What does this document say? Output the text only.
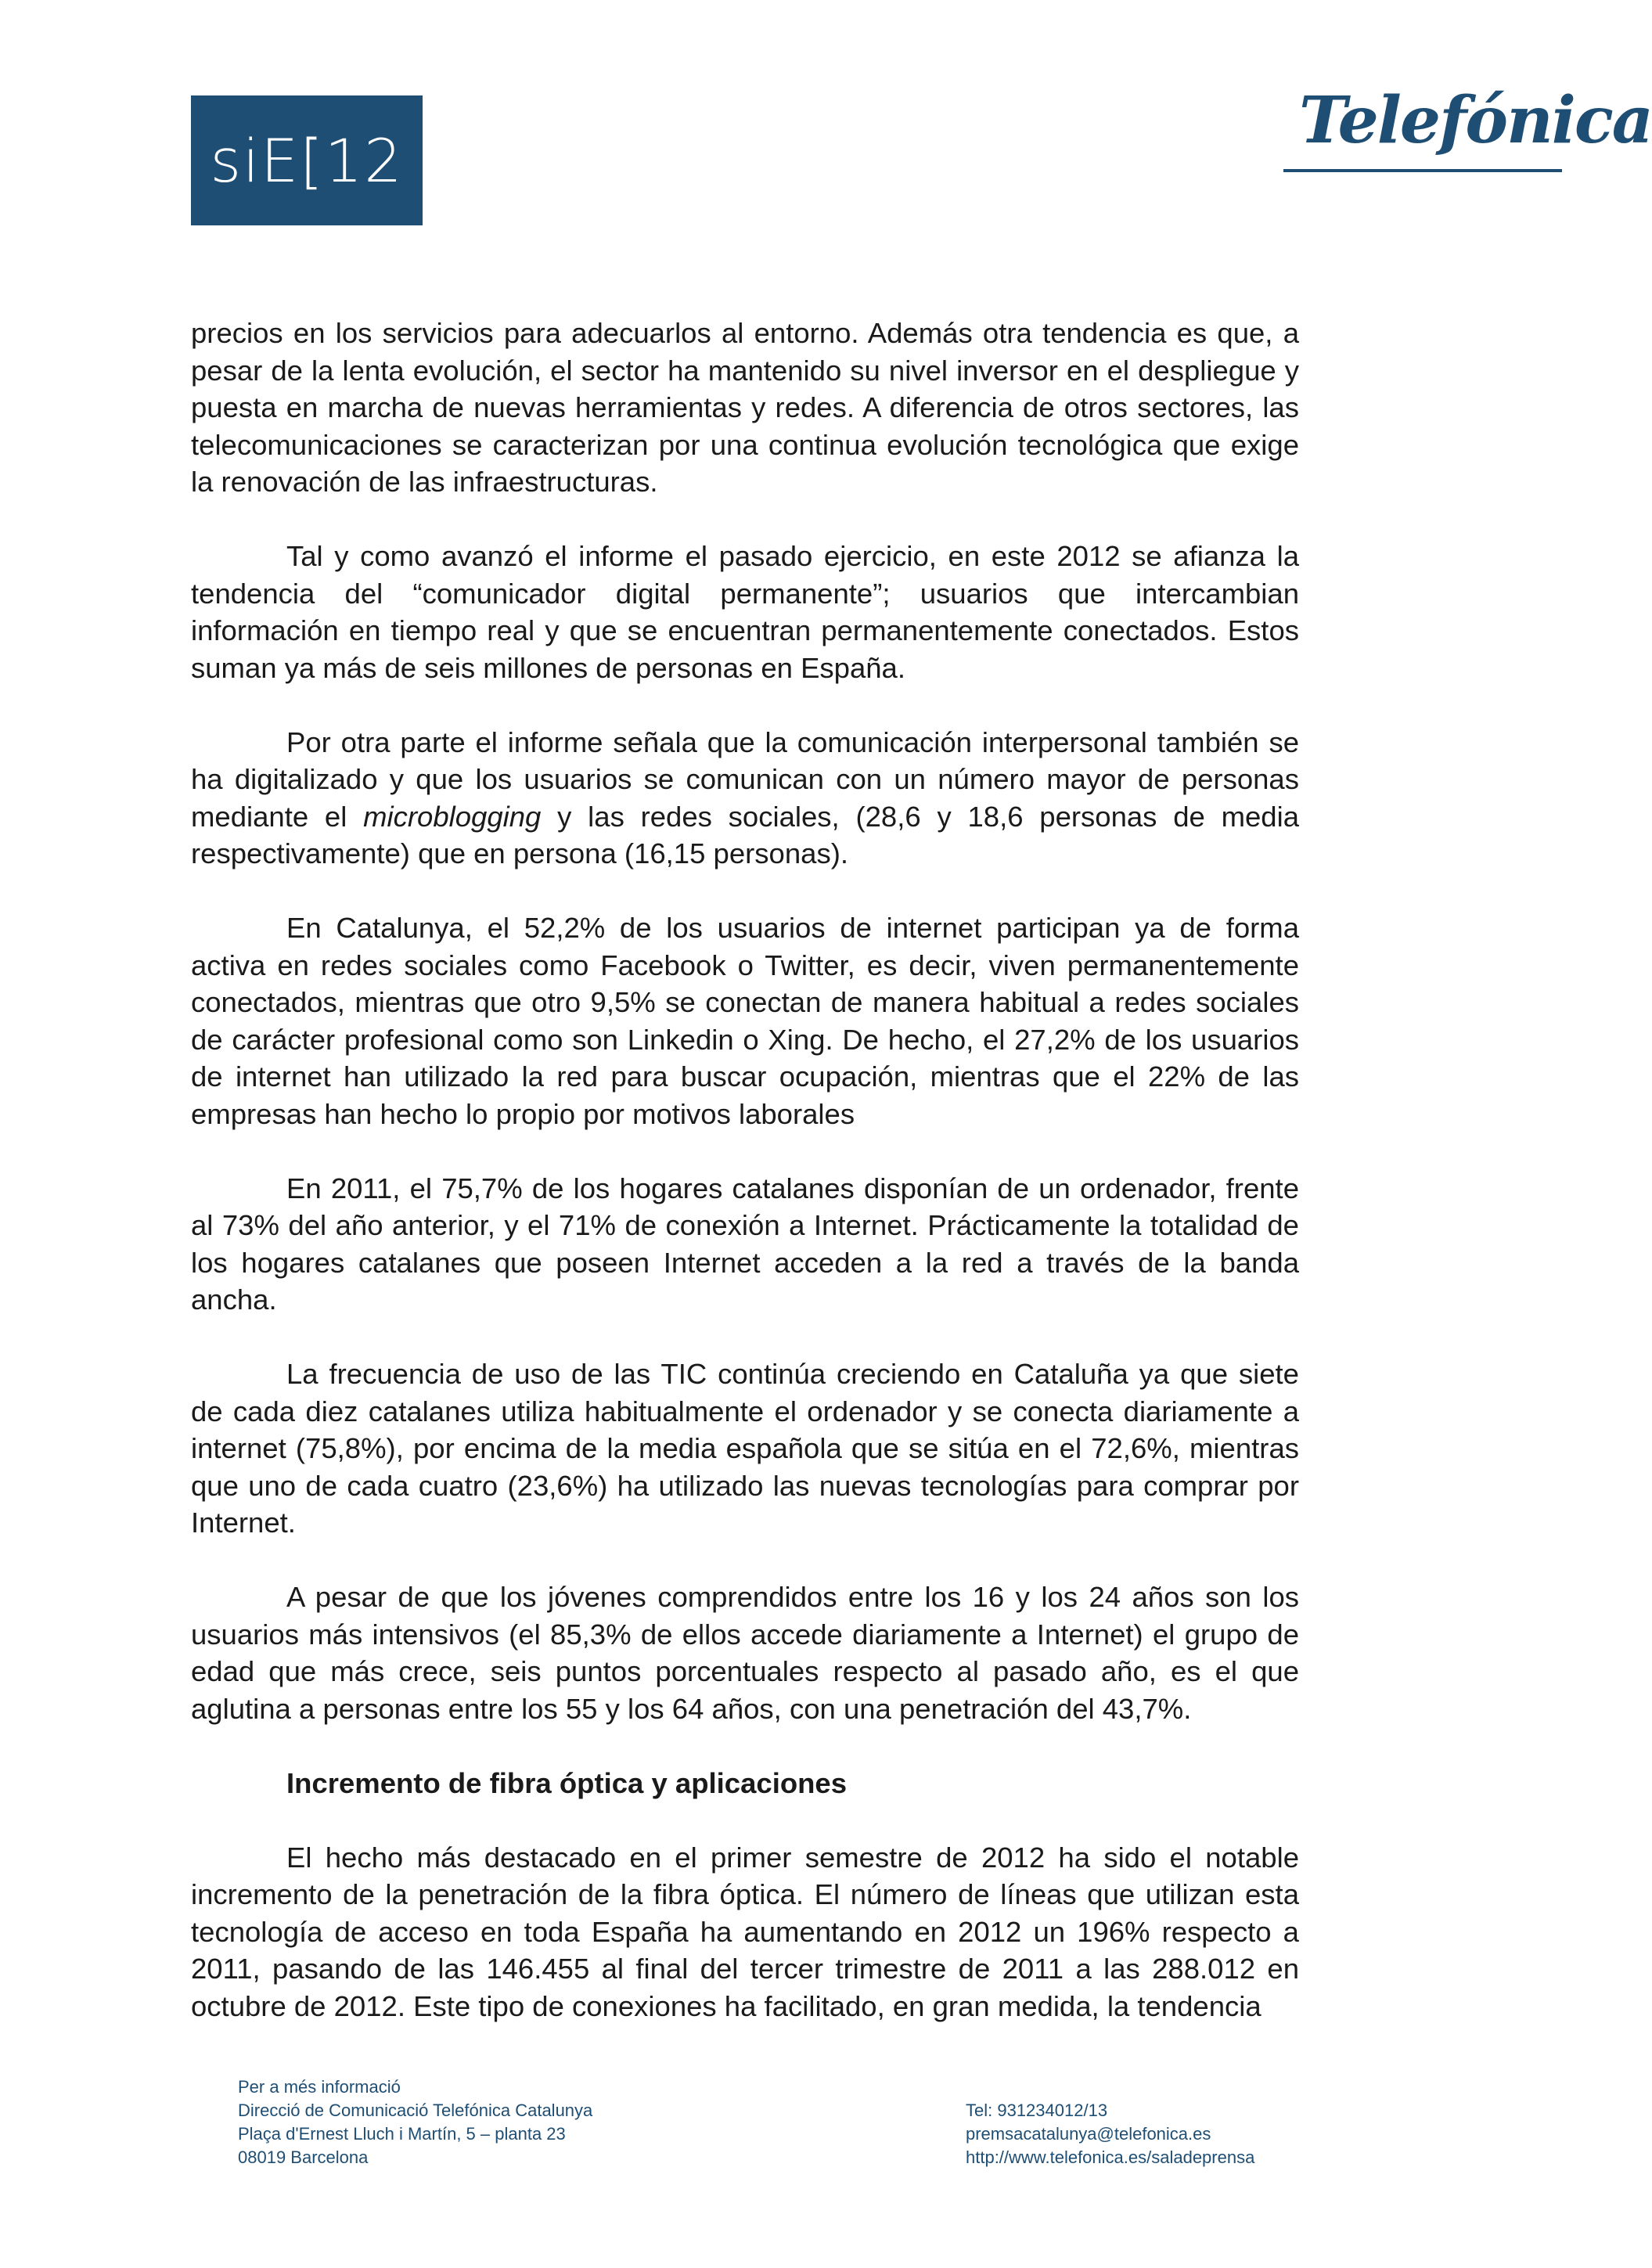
siE[12
Telefónica

precios en los servicios para adecuarlos al entorno. Además otra tendencia es que, a pesar de la lenta evolución, el sector ha mantenido su nivel inversor en el despliegue y puesta en marcha de nuevas herramientas y redes. A diferencia de otros sectores, las telecomunicaciones se caracterizan por una continua evolución tecnológica que exige la renovación de las infraestructuras.

Tal y como avanzó el informe el pasado ejercicio, en este 2012 se afianza la tendencia del “comunicador digital permanente”; usuarios que intercambian información en tiempo real y que se encuentran permanentemente conectados. Estos suman ya más de seis millones de personas en España.

Por otra parte el informe señala que la comunicación interpersonal también se ha digitalizado y que los usuarios se comunican con un número mayor de personas mediante el microblogging y las redes sociales, (28,6 y 18,6 personas de media respectivamente) que en persona (16,15 personas).

En Catalunya, el 52,2% de los usuarios de internet participan ya de forma activa en redes sociales como Facebook o Twitter, es decir, viven permanentemente conectados, mientras que otro 9,5% se conectan de manera habitual a redes sociales de carácter profesional como son Linkedin o Xing. De hecho, el 27,2% de los usuarios de internet han utilizado la red para buscar ocupación, mientras que el 22% de las empresas han hecho lo propio por motivos laborales

En 2011, el 75,7% de los hogares catalanes disponían de un ordenador, frente al 73% del año anterior, y el 71% de conexión a Internet. Prácticamente la totalidad de los hogares catalanes que poseen Internet acceden a la red a través de la banda ancha.

La frecuencia de uso de las TIC continúa creciendo en Cataluña ya que siete de cada diez catalanes utiliza habitualmente el ordenador y se conecta diariamente a internet (75,8%), por encima de la media española que se sitúa en el 72,6%, mientras que uno de cada cuatro (23,6%) ha utilizado las nuevas tecnologías para comprar por Internet.

A pesar de que los jóvenes comprendidos entre los 16 y los 24 años son los usuarios más intensivos (el 85,3% de ellos accede diariamente a Internet) el grupo de edad que más crece, seis puntos porcentuales respecto al pasado año, es el que aglutina a personas entre los 55 y los 64 años, con una penetración del 43,7%.

Incremento de fibra óptica y aplicaciones

El hecho más destacado en el primer semestre de 2012 ha sido el notable incremento de la penetración de la fibra óptica. El número de líneas que utilizan esta tecnología de acceso en toda España ha aumentando en 2012 un 196% respecto a 2011, pasando de las 146.455 al final del tercer trimestre de 2011 a las 288.012 en octubre de 2012. Este tipo de conexiones ha facilitado, en gran medida, la tendencia

Per a més informació
Direcció de Comunicació Telefónica Catalunya
Plaça d'Ernest Lluch i Martín, 5 – planta 23
08019 Barcelona
Tel: 931234012/13
premsacatalunya@telefonica.es
http://www.telefonica.es/saladeprensa
